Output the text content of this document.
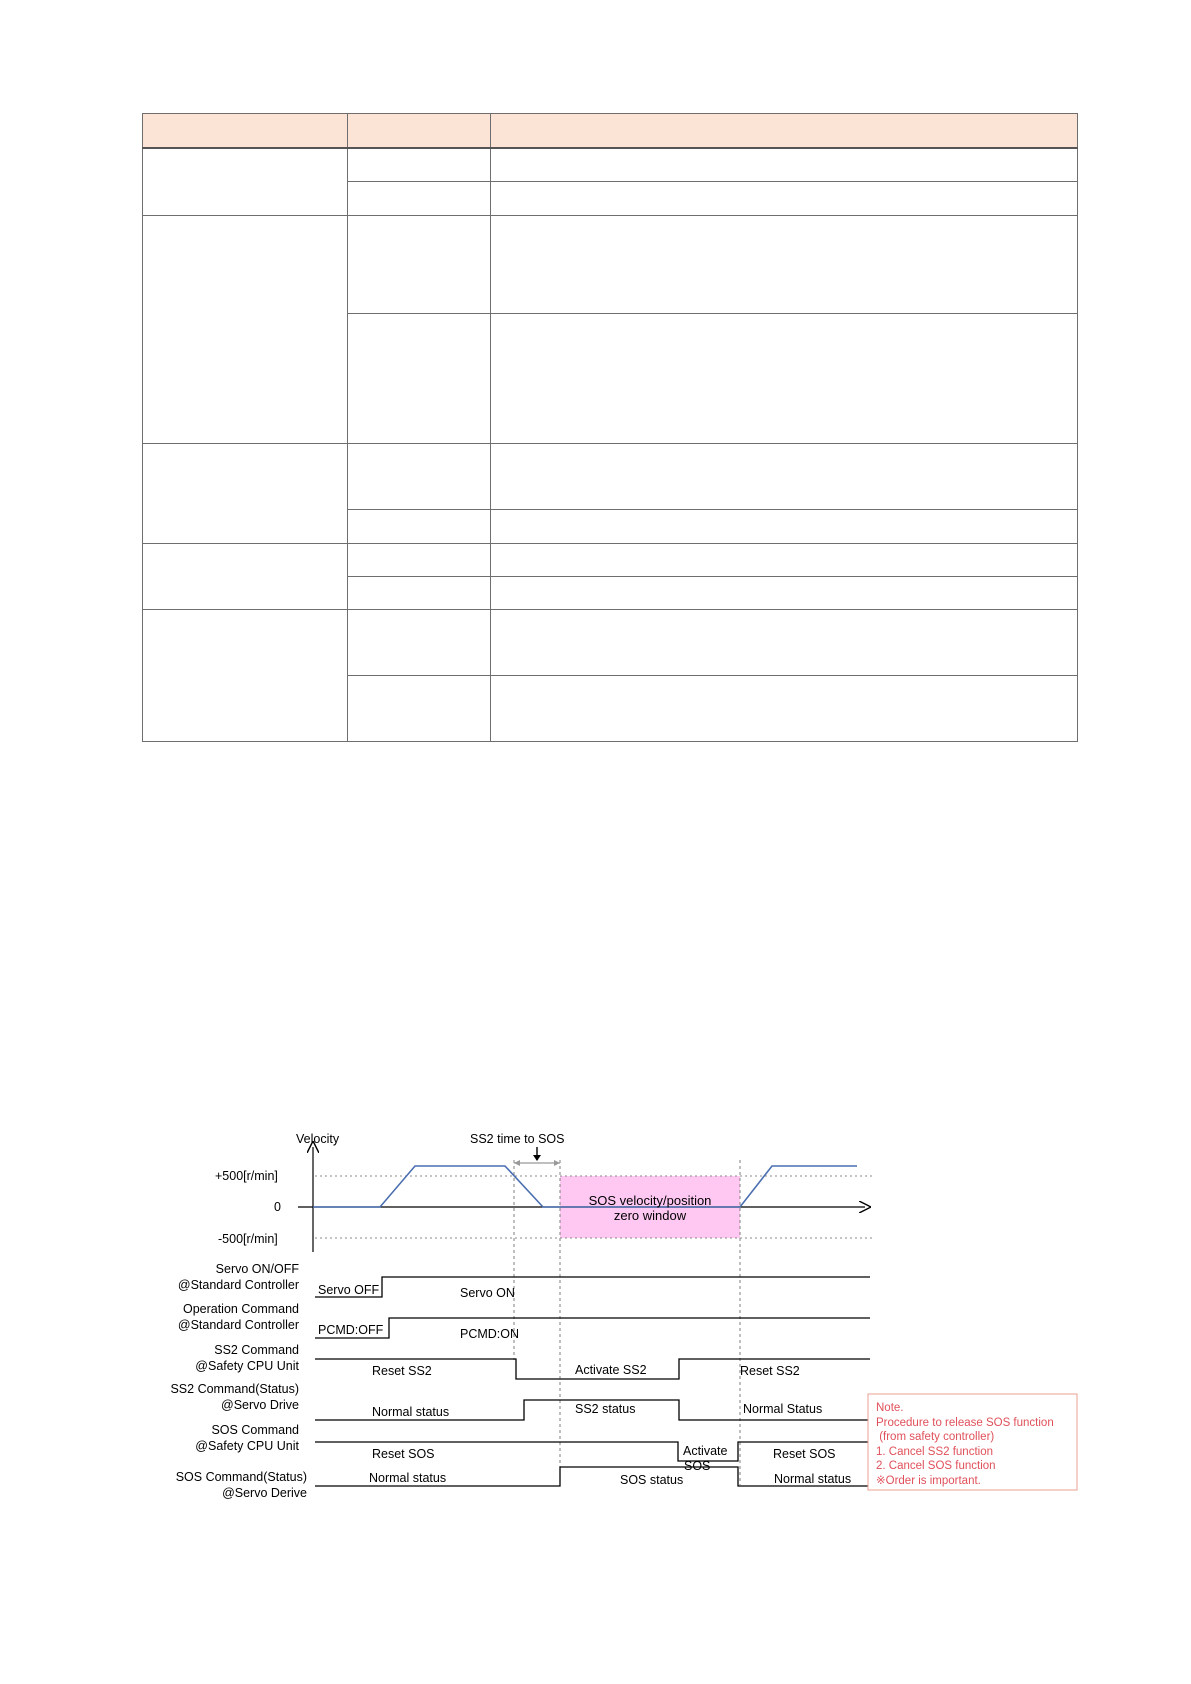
Velocity	SS2 time to SOS
+500[r/min]
0
-500[r/min]
SOS velocity/position
zero window
Servo ON/OFF
@Standard Controller
Operation Command
@Standard Controller
SS2 Command
@Safety CPU Unit
SS2 Command(Status)
@Servo Drive
SOS Command
@Safety CPU Unit
SOS Command(Status)
@Servo Derive
Servo OFF	Servo ON
PCMD:OFF	PCMD:ON
Reset SS2	Activate SS2	Reset SS2
Normal status	SS2 status	Normal Status
Reset SOS	Activate
SOS
Reset SOS
Normal status	SOS status	Normal status
Note.
Procedure to release SOS function
(from safety controller)
1. Cancel SS2 function
2. Cancel SOS function
※Order is important.
